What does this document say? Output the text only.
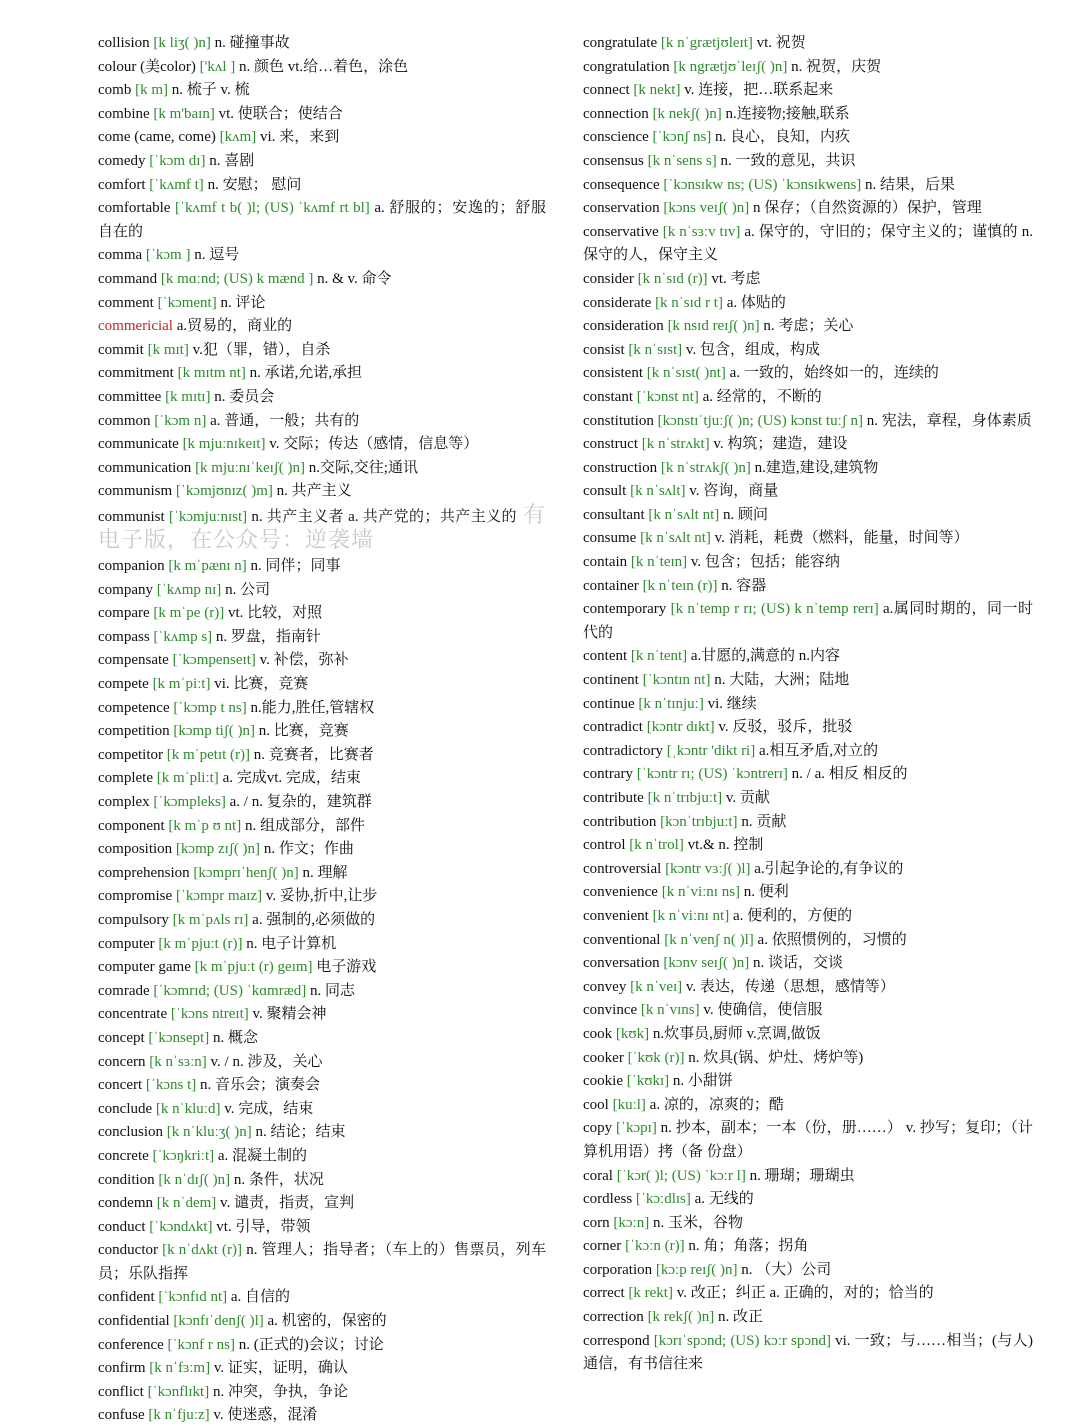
collision [k liʒ( )n] n. 碰撞事故

colour (美color) ['kʌl ] n. 颜色 vt.给…着色，涂色

comb [k m] n. 梳子 v. 梳

combine [k m'baɪn] vt. 使联合；使结合

come (came, come) [kʌm] vi. 来，来到

comedy [ˈkɔm dɪ] n. 喜剧

comfort [ˈkʌmf t] n. 安慰； 慰问

comfortable [ˈkʌmf t b( )l; (US) ˈkʌmf rt bl] a. 舒服的；安逸的；舒服自在的

comma [ˈkɔm ] n. 逗号

command [k mɑːnd; (US) k mænd ] n. & v. 命令

comment [ˈkɔment] n. 评论

commericial a.贸易的，商业的

commit [k mɪt] v.犯（罪，错），自杀

commitment [k mɪtm nt] n. 承诺,允诺,承担

committee [k mɪtɪ] n. 委员会

common [ˈkɔm n] a. 普通，一般；共有的

communicate [k mjuːnɪkeɪt] v. 交际；传达（感情，信息等）

communication [k mjuːnɪˈkeɪʃ( )n] n.交际,交往;通讯

communism [ˈkɔmjʊnɪz( )m] n. 共产主义

communist [ˈkɔmjuːnɪst] n. 共产主义者 a. 共产党的；共产主义的 有电子版，在公众号：逆袭墙

companion [k mˈpænɪ n] n. 同伴；同事

company [ˈkʌmp nɪ] n. 公司

compare [k mˈpe (r)] vt. 比较，对照

compass [ˈkʌmp s] n. 罗盘，指南针

compensate [ˈkɔmpenseɪt] v. 补偿，弥补

compete [k mˈpiːt] vi. 比赛，竞赛

competence [ˈkɔmp t ns] n.能力,胜任,管辖权

competition [kɔmp tiʃ( )n] n. 比赛，竞赛

competitor [k mˈpetɪt (r)] n. 竞赛者，比赛者

complete [k mˈpliːt] a. 完成vt. 完成，结束

complex [ˈkɔmpleks] a. / n. 复杂的，建筑群

component [k mˈp ʊ nt] n. 组成部分，部件

composition [kɔmp zɪʃ( )n] n. 作文；作曲

comprehension [kɔmprɪˈhenʃ( )n] n. 理解

compromise [ˈkɔmpr maɪz] v. 妥协,折中,让步

compulsory [k mˈpʌls rɪ] a. 强制的,必须做的

computer [k mˈpjuːt (r)] n. 电子计算机

computer game [k mˈpjuːt (r) geɪm] 电子游戏

comrade [ˈkɔmrɪd; (US) ˈkɑmræd] n. 同志

concentrate [ˈkɔns ntreɪt] v. 聚精会神

concept [ˈkɔnsept] n. 概念

concern [k nˈsɜːn] v. / n. 涉及，关心

concert [ˈkɔns t] n. 音乐会；演奏会

conclude [k nˈkluːd] v. 完成，结束

conclusion [k nˈkluːʒ( )n] n. 结论；结束

concrete [ˈkɔŋkriːt] a. 混凝土制的

condition [k nˈdɪʃ( )n] n. 条件，状况

condemn [k nˈdem] v. 谴责，指责，宣判

conduct [ˈkɔndʌkt] vt. 引导，带领

conductor [k nˈdʌkt (r)] n. 管理人；指导者；（车上的）售票员，列车员；乐队指挥

confident [ˈkɔnfɪd nt] a. 自信的

confidential [kɔnfɪˈdenʃ( )l] a. 机密的，保密的

conference [ˈkɔnf r ns] n. (正式的)会议；讨论

confirm [k nˈfɜːm] v. 证实，证明，确认

conflict [ˈkɔnflɪkt] n. 冲突，争执，争论

confuse [k nˈfjuːz] v. 使迷惑，混淆

congratulate [k nˈgrætjʊleɪt] vt. 祝贺

congratulation [k ngrætjʊˈleɪʃ( )n] n. 祝贺，庆贺

connect [k nekt] v. 连接，把…联系起来

connection [k nekʃ( )n] n.连接物;接触,联系

conscience [ˈkɔnʃ ns] n. 良心，良知，内疚

consensus [k nˈsens s] n. 一致的意见，共识

consequence [ˈkɔnsɪkw ns; (US) ˈkɔnsɪkwens] n. 结果，后果

conservation [kɔns veɪʃ( )n] n 保存；（自然资源的）保护，管理

conservative [k nˈsɜːv tɪv] a. 保守的，守旧的；保守主义的；谨慎的 n.保守的人，保守主义

consider [k nˈsɪd (r)] vt. 考虑

considerate [k nˈsɪd r t] a. 体贴的

consideration [k nsɪd reɪʃ( )n] n. 考虑；关心

consist [k nˈsɪst] v. 包含，组成，构成

consistent [k nˈsɪst( )nt] a. 一致的，始终如一的，连续的

constant [ˈkɔnst nt] a. 经常的，不断的

constitution [kɔnstɪˈtjuːʃ( )n; (US) kɔnst tuːʃ n] n. 宪法，章程，身体素质

construct [k nˈstrʌkt] v. 构筑；建造，建设

construction [k nˈstrʌkʃ( )n] n.建造,建设,建筑物

consult [k nˈsʌlt] v. 咨询，商量

consultant [k nˈsʌlt nt] n. 顾问

consume [k nˈsʌlt nt] v. 消耗，耗费（燃料，能量，时间等）

contain [k nˈteɪn] v. 包含；包括；能容纳

container [k nˈteɪn (r)] n. 容器

contemporary [k nˈtemp r rɪ; (US) k nˈtemp rerɪ] a.属同时期的，同一时代的

content [k nˈtent] a.甘愿的,满意的 n.内容

continent [ˈkɔntɪn nt] n. 大陆，大洲；陆地

continue [k nˈtɪnjuː] vi. 继续

contradict [kɔntr dɪkt] v. 反驳，驳斥，批驳

contradictory [ˌkɔntr 'dikt ri] a.相互矛盾,对立的

contrary [ˈkɔntr rɪ; (US) ˈkɔntrerɪ] n. / a. 相反 相反的

contribute [k nˈtrɪbjuːt] v. 贡献

contribution [kɔnˈtrɪbjuːt] n. 贡献

control [k nˈtrol] vt.& n. 控制

controversial [kɔntr vɜːʃ( )l] a.引起争论的,有争议的

convenience [k nˈviːnɪ ns] n. 便利

convenient [k nˈviːnɪ nt] a. 便利的，方便的

conventional [k nˈvenʃ n( )l] a. 依照惯例的，习惯的

conversation [kɔnv seɪʃ( )n] n. 谈话，交谈

convey [k nˈveɪ] v. 表达，传递（思想，感情等）

convince [k nˈvɪns] v. 使确信，使信服

cook [kʊk] n.炊事员,厨师 v.烹调,做饭

cooker [ˈkʊk (r)] n. 炊具(锅、炉灶、烤炉等)

cookie [ˈkʊkɪ] n. 小甜饼

cool [kuːl] a. 凉的，凉爽的；酷

copy [ˈkɔpɪ] n. 抄本，副本；一本（份，册……） v. 抄写；复印；（计算机用语）拷（备 份盘）

coral [ˈkɔr( )l; (US) ˈkɔːr l] n. 珊瑚；珊瑚虫

cordless [ˈkɔːdlɪs] a. 无线的

corn [kɔːn] n. 玉米，谷物

corner [ˈkɔːn (r)] n. 角；角落；拐角

corporation [kɔːp reɪʃ( )n] n. （大）公司

correct [k rekt] v. 改正；纠正 a. 正确的，对的；恰当的

correction [k rekʃ( )n] n. 改正

correspond [kɔrɪˈspɔnd; (US) kɔːr spɔnd] vi. 一致；与……相当；(与人)通信，有书信往来
